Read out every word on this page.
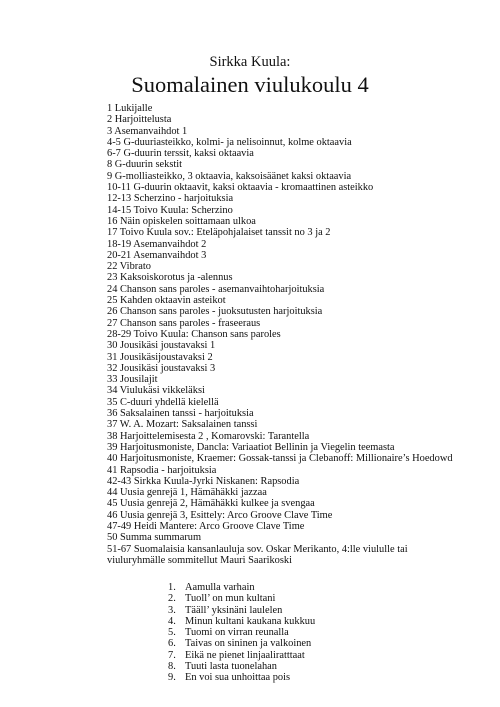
Sirkka Kuula:
Suomalainen viulukoulu 4
1 Lukijalle
2 Harjoittelusta
3 Asemanvaihdot 1
4-5 G-duuriasteikko, kolmi- ja nelisoinnut, kolme oktaavia
6-7 G-duurin terssit, kaksi oktaavia
8 G-duurin sekstit
9 G-molliasteikko, 3 oktaavia, kaksoisäänet kaksi oktaavia
10-11 G-duurin oktaavit, kaksi oktaavia - kromaattinen asteikko
12-13 Scherzino - harjoituksia
14-15 Toivo Kuula: Scherzino
16 Näin opiskelen soittamaan ulkoa
17 Toivo Kuula sov.: Eteläpohjalaiset tanssit no 3 ja 2
18-19 Asemanvaihdot 2
20-21 Asemanvaihdot 3
22 Vibrato
23 Kaksoiskorotus ja -alennus
24 Chanson sans paroles - asemanvaihtoharjoituksia
25 Kahden oktaavin asteikot
26 Chanson sans paroles - juoksutusten harjoituksia
27 Chanson sans paroles - fraseeraus
28-29 Toivo Kuula: Chanson sans paroles
30 Jousikäsi joustavaksi 1
31 Jousikäsijoustavaksi 2
32 Jousikäsi joustavaksi 3
33 Jousilajit
34 Viulukäsi vikkeläksi
35 C-duuri yhdellä kielellä
36 Saksalainen tanssi - harjoituksia
37 W. A. Mozart: Saksalainen tanssi
38 Harjoittelemisesta 2 , Komarovski: Tarantella
39 Harjoitusmoniste, Dancla: Variaatiot Bellinin ja Viegelin teemasta
40 Harjoitusmoniste, Kraemer: Gossak-tanssi ja Clebanoff: Millionaire’s Hoedowd
41 Rapsodia - harjoituksia
42-43 Sirkka Kuula-Jyrki Niskanen: Rapsodia
44 Uusia genrejä 1, Hämähäkki jazzaa
45 Uusia genrejä 2, Hämähäkki kulkee ja svengaa
46 Uusia genrejä 3, Esittely: Arco Groove Clave Time
47-49 Heidi Mantere: Arco Groove Clave Time
50 Summa summarum
51-67 Suomalaisia kansanlauluja sov. Oskar Merikanto, 4:lle viululle tai viuluryhmälle sommitellut Mauri Saarikoski
1. Aamulla varhain
2. Tuoll’ on mun kultani
3. Tääll’ yksinäni laulelen
4. Minun kultani kaukana kukkuu
5. Tuomi on virran reunalla
6. Taivas on sininen ja valkoinen
7. Eikä ne pienet linjaaliratttaat
8. Tuuti lasta tuonelahan
9. En voi sua unhoittaa pois
